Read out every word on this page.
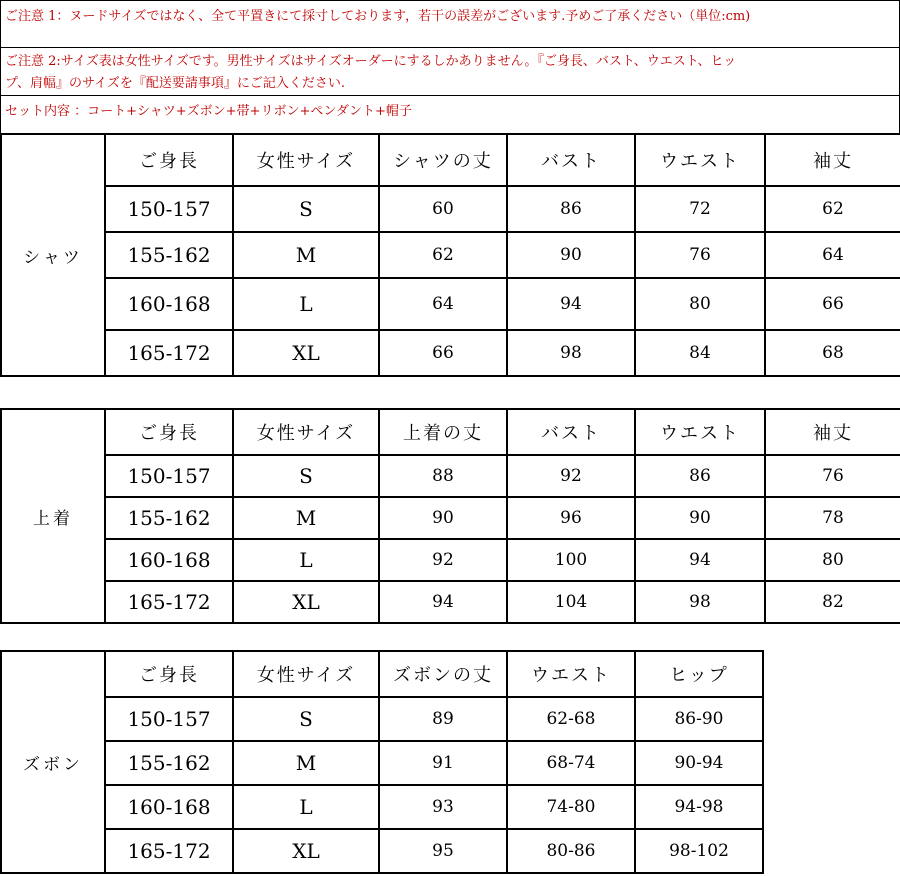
ご注意 1：ヌードサイズではなく、全て平置きにて採寸しております，若干の誤差がございます.予めご了承ください（単位:cm)
ご注意 2:サイズ表は女性サイズです。男性サイズはサイズオーダーにするしかありません。『ご身長、バスト、ウエスト、ヒッ
プ、肩幅』のサイズを『配送要請事項』にご記入ください.
セット内容 ：コート+シャツ+ズボン+帯+リボン+ペンダント+帽子
シャツ	ご身長	女性サイズ	シャツの丈	バスト	ウエスト	袖丈
	150-157	S	60	86	72	62
	155-162	M	62	90	76	64
	160-168	L	64	94	80	66
	165-172	XL	66	98	84	68
上着	ご身長	女性サイズ	上着の丈	バスト	ウエスト	袖丈
	150-157	S	88	92	86	76
	155-162	M	90	96	90	78
	160-168	L	92	100	94	80
	165-172	XL	94	104	98	82
ズボン	ご身長	女性サイズ	ズボンの丈	ウエスト	ヒップ
	150-157	S	89	62-68	86-90
	155-162	M	91	68-74	90-94
	160-168	L	93	74-80	94-98
	165-172	XL	95	80-86	98-102
